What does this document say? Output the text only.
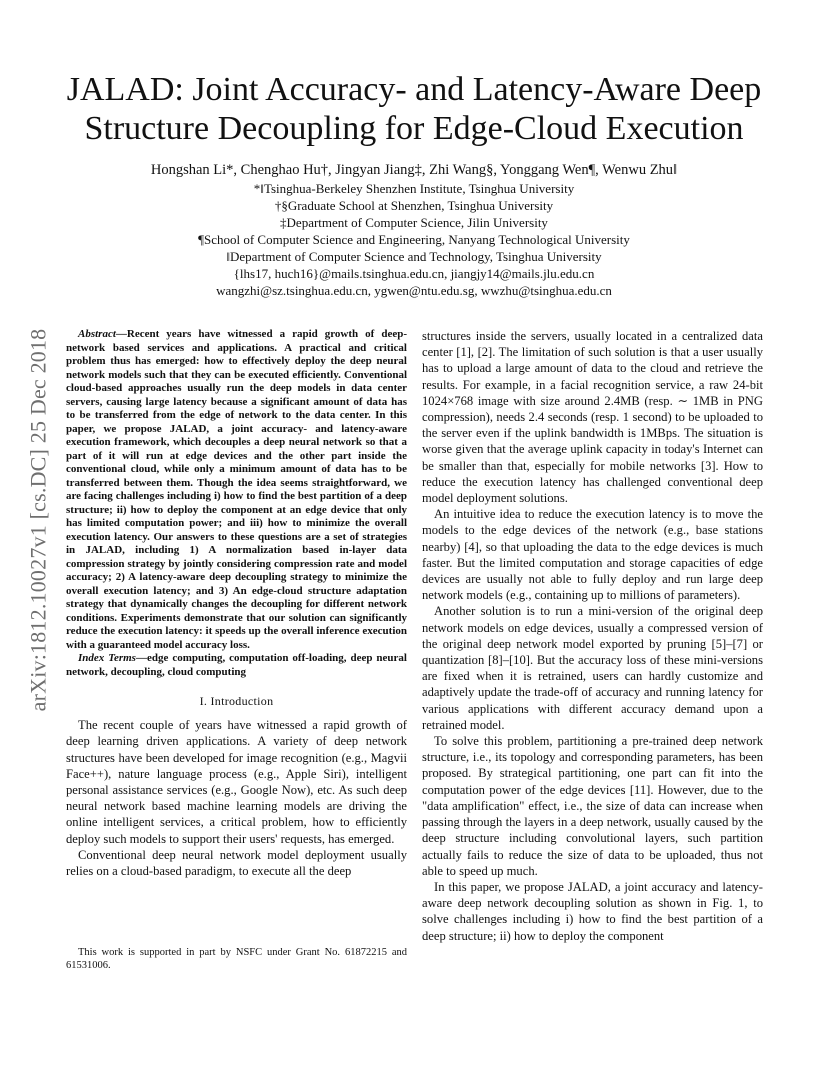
arXiv:1812.10027v1 [cs.DC] 25 Dec 2018
JALAD: Joint Accuracy- and Latency-Aware Deep
Structure Decoupling for Edge-Cloud Execution
Hongshan Li*, Chenghao Hu†, Jingyan Jiang‡, Zhi Wang§, Yonggang Wen¶, Wenwu Zhu‖
*‖Tsinghua-Berkeley Shenzhen Institute, Tsinghua University
†§Graduate School at Shenzhen, Tsinghua University
‡Department of Computer Science, Jilin University
¶School of Computer Science and Engineering, Nanyang Technological University
‖Department of Computer Science and Technology, Tsinghua University
{lhs17, huch16}@mails.tsinghua.edu.cn, jiangjy14@mails.jlu.edu.cn
wangzhi@sz.tsinghua.edu.cn, ygwen@ntu.edu.sg, wwzhu@tsinghua.edu.cn

Abstract—Recent years have witnessed a rapid growth of deep-network based services and applications. A practical and critical problem thus has emerged: how to effectively deploy the deep neural network models such that they can be executed efficiently. Conventional cloud-based approaches usually run the deep models in data center servers, causing large latency because a significant amount of data has to be transferred from the edge of network to the data center. In this paper, we propose JALAD, a joint accuracy- and latency-aware execution framework, which decouples a deep neural network so that a part of it will run at edge devices and the other part inside the conventional cloud, while only a minimum amount of data has to be transferred between them. Though the idea seems straightforward, we are facing challenges including i) how to find the best partition of a deep structure; ii) how to deploy the component at an edge device that only has limited computation power; and iii) how to minimize the overall execution latency. Our answers to these questions are a set of strategies in JALAD, including 1) A normalization based in-layer data compression strategy by jointly considering compression rate and model accuracy; 2) A latency-aware deep decoupling strategy to minimize the overall execution latency; and 3) An edge-cloud structure adaptation strategy that dynamically changes the decoupling for different network conditions. Experiments demonstrate that our solution can significantly reduce the execution latency: it speeds up the overall inference execution with a guaranteed model accuracy loss.

Index Terms—edge computing, computation off-loading, deep neural network, decoupling, cloud computing

I. Introduction

The recent couple of years have witnessed a rapid growth of deep learning driven applications. A variety of deep network structures have been developed for image recognition (e.g., Magvii Face++), nature language process (e.g., Apple Siri), intelligent personal assistance services (e.g., Google Now), etc. As such deep neural network based machine learning models are driving the online intelligent services, a critical problem, how to efficiently deploy such models to support their users' requests, has emerged.

Conventional deep neural network model deployment usually relies on a cloud-based paradigm, to execute all the deep

This work is supported in part by NSFC under Grant No. 61872215 and 61531006.

structures inside the servers, usually located in a centralized data center [1], [2]. The limitation of such solution is that a user usually has to upload a large amount of data to the cloud and retrieve the results. For example, in a facial recognition service, a raw 24-bit 1024×768 image with size around 2.4MB (resp. ∼ 1MB in PNG compression), needs 2.4 seconds (resp. 1 second) to be uploaded to the server even if the uplink bandwidth is 1MBps. The situation is worse given that the average uplink capacity in today's Internet can be smaller than that, especially for mobile networks [3]. How to reduce the execution latency has challenged conventional deep model deployment solutions.

An intuitive idea to reduce the execution latency is to move the models to the edge devices of the network (e.g., base stations nearby) [4], so that uploading the data to the edge devices is much faster. But the limited computation and storage capacities of edge devices are usually not able to fully deploy and run large deep network models (e.g., containing up to millions of parameters).

Another solution is to run a mini-version of the original deep network models on edge devices, usually a compressed version of the original deep network model exported by pruning [5]–[7] or quantization [8]–[10]. But the accuracy loss of these mini-versions are fixed when it is retrained, users can hardly customize and adaptively update the trade-off of accuracy and running latency for various applications with different accuracy demand upon a retrained model.

To solve this problem, partitioning a pre-trained deep network structure, i.e., its topology and corresponding parameters, has been proposed. By strategical partitioning, one part can fit into the computation power of the edge devices [11]. However, due to the "data amplification" effect, i.e., the size of data can increase when passing through the layers in a deep network, usually caused by the deep structure including convolutional layers, such partition actually fails to reduce the size of data to be uploaded, thus not able to speed up much.

In this paper, we propose JALAD, a joint accuracy and latency-aware deep network decoupling solution as shown in Fig. 1, to solve challenges including i) how to find the best partition of a deep structure; ii) how to deploy the component
